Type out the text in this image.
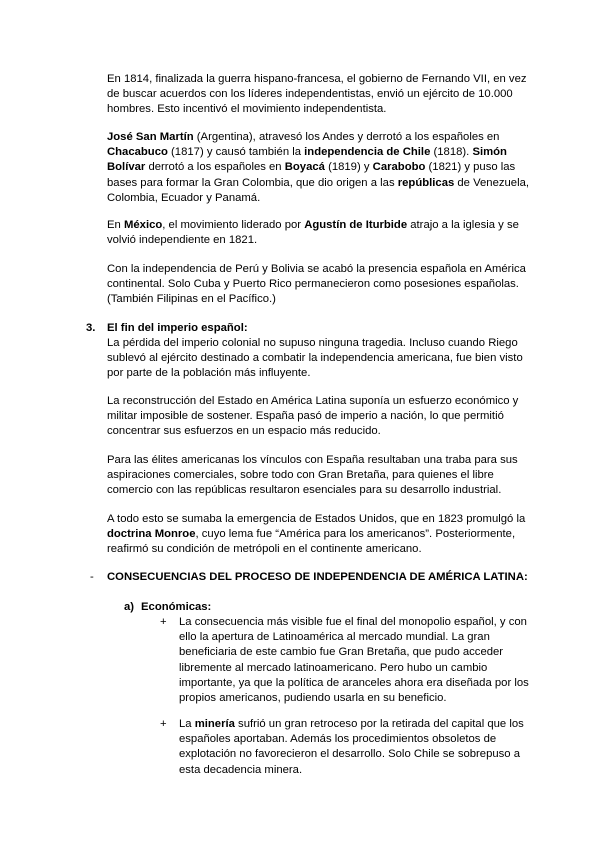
En 1814, finalizada la guerra hispano-francesa, el gobierno de Fernando VII, en vez
de buscar acuerdos con los líderes independentistas, envió un ejército de 10.000
hombres. Esto incentivó el movimiento independentista.
José San Martín (Argentina), atravesó los Andes y derrotó a los españoles en
Chacabuco (1817) y causó también la independencia de Chile (1818). Simón
Bolívar derrotó a los españoles en Boyacá (1819) y Carabobo (1821) y puso las
bases para formar la Gran Colombia, que dio origen a las repúblicas de Venezuela,
Colombia, Ecuador y Panamá.
En México, el movimiento liderado por Agustín de Iturbide atrajo a la iglesia y se
volvió independiente en 1821.
Con la independencia de Perú y Bolivia se acabó la presencia española en América
continental. Solo Cuba y Puerto Rico permanecieron como posesiones españolas.
(También Filipinas en el Pacífico.)
3. El fin del imperio español:
La pérdida del imperio colonial no supuso ninguna tragedia. Incluso cuando Riego
sublevó al ejército destinado a combatir la independencia americana, fue bien visto
por parte de la población más influyente.
La reconstrucción del Estado en América Latina suponía un esfuerzo económico y
militar imposible de sostener. España pasó de imperio a nación, lo que permitió
concentrar sus esfuerzos en un espacio más reducido.
Para las élites americanas los vínculos con España resultaban una traba para sus
aspiraciones comerciales, sobre todo con Gran Bretaña, para quienes el libre
comercio con las repúblicas resultaron esenciales para su desarrollo industrial.
A todo esto se sumaba la emergencia de Estados Unidos, que en 1823 promulgó la
doctrina Monroe, cuyo lema fue “América para los americanos”. Posteriormente,
reafirmó su condición de metrópoli en el continente americano.
- CONSECUENCIAS DEL PROCESO DE INDEPENDENCIA DE AMÉRICA LATINA:
a) Económicas:
+ La consecuencia más visible fue el final del monopolio español, y con
ello la apertura de Latinoamérica al mercado mundial. La gran
beneficiaria de este cambio fue Gran Bretaña, que pudo acceder
libremente al mercado latinoamericano. Pero hubo un cambio
importante, ya que la política de aranceles ahora era diseñada por los
propios americanos, pudiendo usarla en su beneficio.
+ La minería sufrió un gran retroceso por la retirada del capital que los
españoles aportaban. Además los procedimientos obsoletos de
explotación no favorecieron el desarrollo. Solo Chile se sobrepuso a
esta decadencia minera.
